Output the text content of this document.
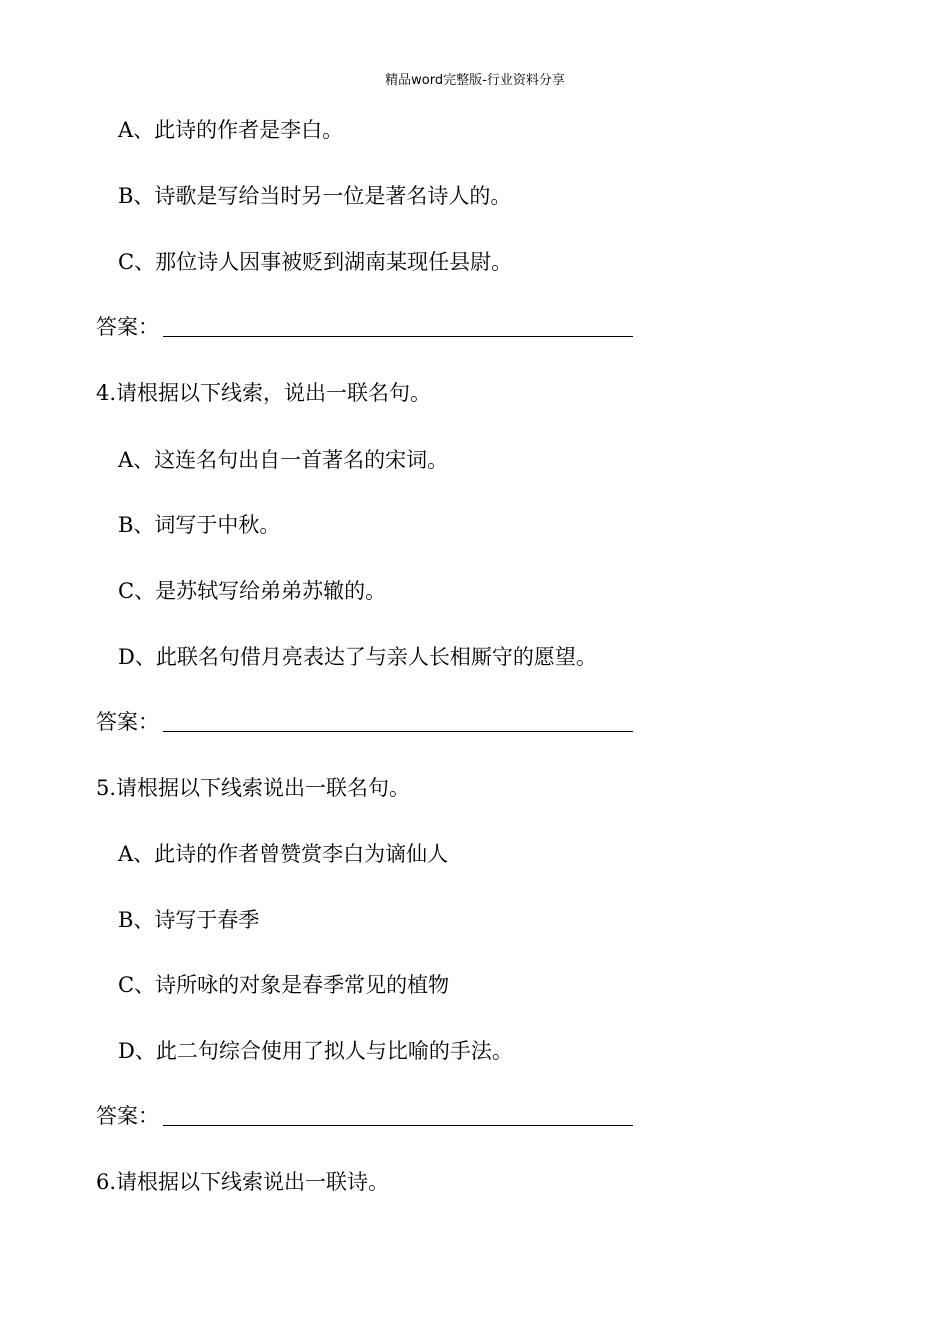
精品word完整版-行业资料分享
A、此诗的作者是李白。
B、诗歌是写给当时另一位是著名诗人的。
C、那位诗人因事被贬到湖南某现任县尉。
答案：
4.请根据以下线索，说出一联名句。
A、这连名句出自一首著名的宋词。
B、词写于中秋。
C、是苏轼写给弟弟苏辙的。
D、此联名句借月亮表达了与亲人长相厮守的愿望。
答案：
5.请根据以下线索说出一联名句。
A、此诗的作者曾赞赏李白为谪仙人
B、诗写于春季
C、诗所咏的对象是春季常见的植物
D、此二句综合使用了拟人与比喻的手法。
答案：
6.请根据以下线索说出一联诗。
